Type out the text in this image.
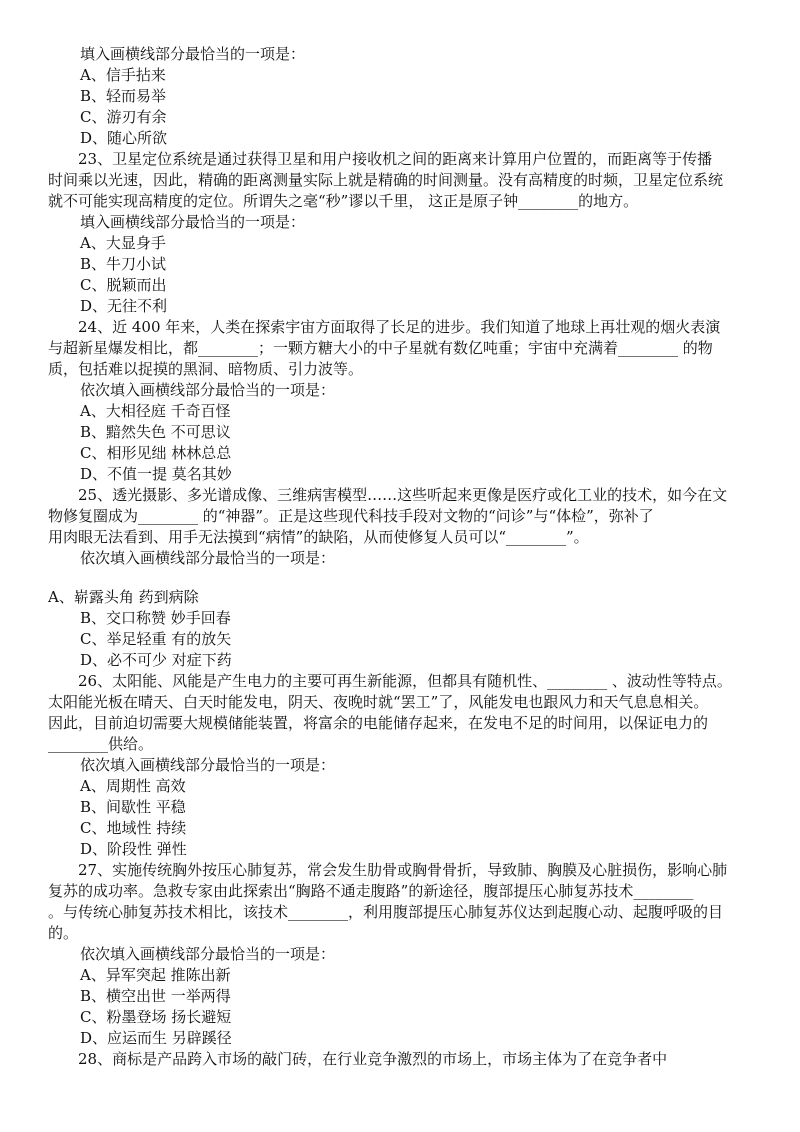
填入画横线部分最恰当的一项是：
A、信手拈来
B、轻而易举
C、游刃有余
D、随心所欲
23、卫星定位系统是通过获得卫星和用户接收机之间的距离来计算用户位置的，而距离等于传播
时间乘以光速，因此，精确的距离测量实际上就是精确的时间测量。没有高精度的时频，卫星定位系统
就不可能实现高精度的定位。所谓失之毫“秒”谬以千里， 这正是原子钟________的地方。
填入画横线部分最恰当的一项是：
A、大显身手
B、牛刀小试
C、脱颖而出
D、无往不利
24、近 400 年来，人类在探索宇宙方面取得了长足的进步。我们知道了地球上再壮观的烟火表演
与超新星爆发相比，都________；一颗方糖大小的中子星就有数亿吨重；宇宙中充满着________ 的物
质，包括难以捉摸的黑洞、暗物质、引力波等。
依次填入画横线部分最恰当的一项是：
A、大相径庭 千奇百怪
B、黯然失色 不可思议
C、相形见绌 林林总总
D、不值一提 莫名其妙
25、透光摄影、多光谱成像、三维病害模型……这些听起来更像是医疗或化工业的技术，如今在文
物修复圈成为________ 的“神器”。正是这些现代科技手段对文物的“问诊”与“体检”，弥补了
用肉眼无法看到、用手无法摸到“病情”的缺陷，从而使修复人员可以“________”。
依次填入画横线部分最恰当的一项是：
A、崭露头角 药到病除
B、交口称赞 妙手回春
C、举足轻重 有的放矢
D、必不可少 对症下药
26、太阳能、风能是产生电力的主要可再生新能源，但都具有随机性、________ 、波动性等特点。
太阳能光板在晴天、白天时能发电，阴天、夜晚时就“罢工”了，风能发电也跟风力和天气息息相关。
因此，目前迫切需要大规模储能装置，将富余的电能储存起来，在发电不足的时间用，以保证电力的
________供给。
依次填入画横线部分最恰当的一项是：
A、周期性 高效
B、间歇性 平稳
C、地域性 持续
D、阶段性 弹性
27、实施传统胸外按压心肺复苏，常会发生肋骨或胸骨骨折，导致肺、胸膜及心脏损伤，影响心肺
复苏的成功率。急救专家由此探索出“胸路不通走腹路”的新途径，腹部提压心肺复苏技术________
。与传统心肺复苏技术相比，该技术________，利用腹部提压心肺复苏仪达到起腹心动、起腹呼吸的目
的。
依次填入画横线部分最恰当的一项是：
A、异军突起 推陈出新
B、横空出世 一举两得
C、粉墨登场 扬长避短
D、应运而生 另辟蹊径
28、商标是产品跨入市场的敲门砖，在行业竞争激烈的市场上，市场主体为了在竞争者中
